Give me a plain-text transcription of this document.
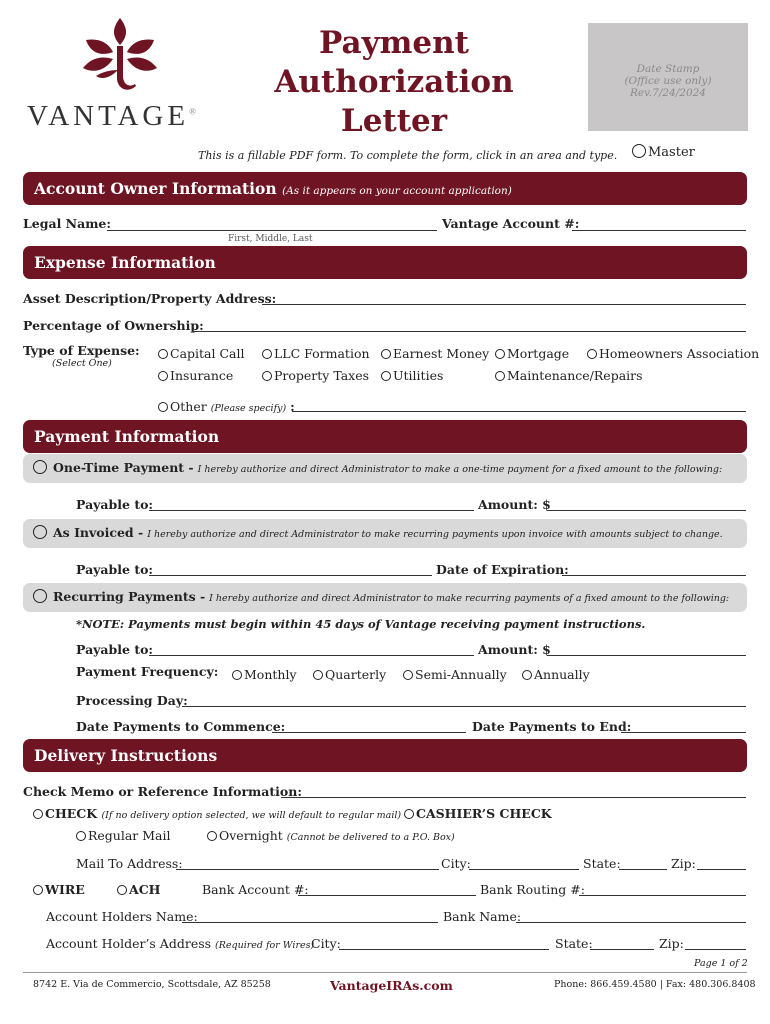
VANTAGE®
Payment
Authorization
Letter
Date Stamp
(Office use only)
Rev.7/24/2024
This is a fillable PDF form. To complete the form, click in an area and type.	Master
Account Owner Information (As it appears on your account application)
Legal Name:
First, Middle, Last
Vantage Account #:
Expense Information
Asset Description/Property Address:
Percentage of Ownership:
Type of Expense:
(Select One)
Capital Call	LLC Formation	Earnest Money	Mortgage	Homeowners Association
Insurance	Property Taxes	Utilities	Maintenance/Repairs
Other (Please specify) :
Payment Information
One-Time Payment - I hereby authorize and direct Administrator to make a one-time payment for a fixed amount to the following:
Payable to:	Amount: $
As Invoiced - I hereby authorize and direct Administrator to make recurring payments upon invoice with amounts subject to change.
Payable to:	Date of Expiration:
Recurring Payments - I hereby authorize and direct Administrator to make recurring payments of a fixed amount to the following:
*NOTE: Payments must begin within 45 days of Vantage receiving payment instructions.
Payable to:	Amount: $
Payment Frequency:	Monthly	Quarterly	Semi-Annually	Annually
Processing Day:
Date Payments to Commence:	Date Payments to End:
Delivery Instructions
Check Memo or Reference Information:
CHECK (If no delivery option selected, we will default to regular mail)	CASHIER’S CHECK
Regular Mail	Overnight (Cannot be delivered to a P.O. Box)
Mail To Address:	City:	State:	Zip:
WIRE	ACH	Bank Account #:	Bank Routing #:
Account Holders Name:	Bank Name:
Account Holder’s Address (Required for Wires)
City:	State:	Zip:
Page 1 of 2
8742 E. Via de Commercio, Scottsdale, AZ 85258	VantageIRAs.com	Phone: 866.459.4580 | Fax: 480.306.8408
